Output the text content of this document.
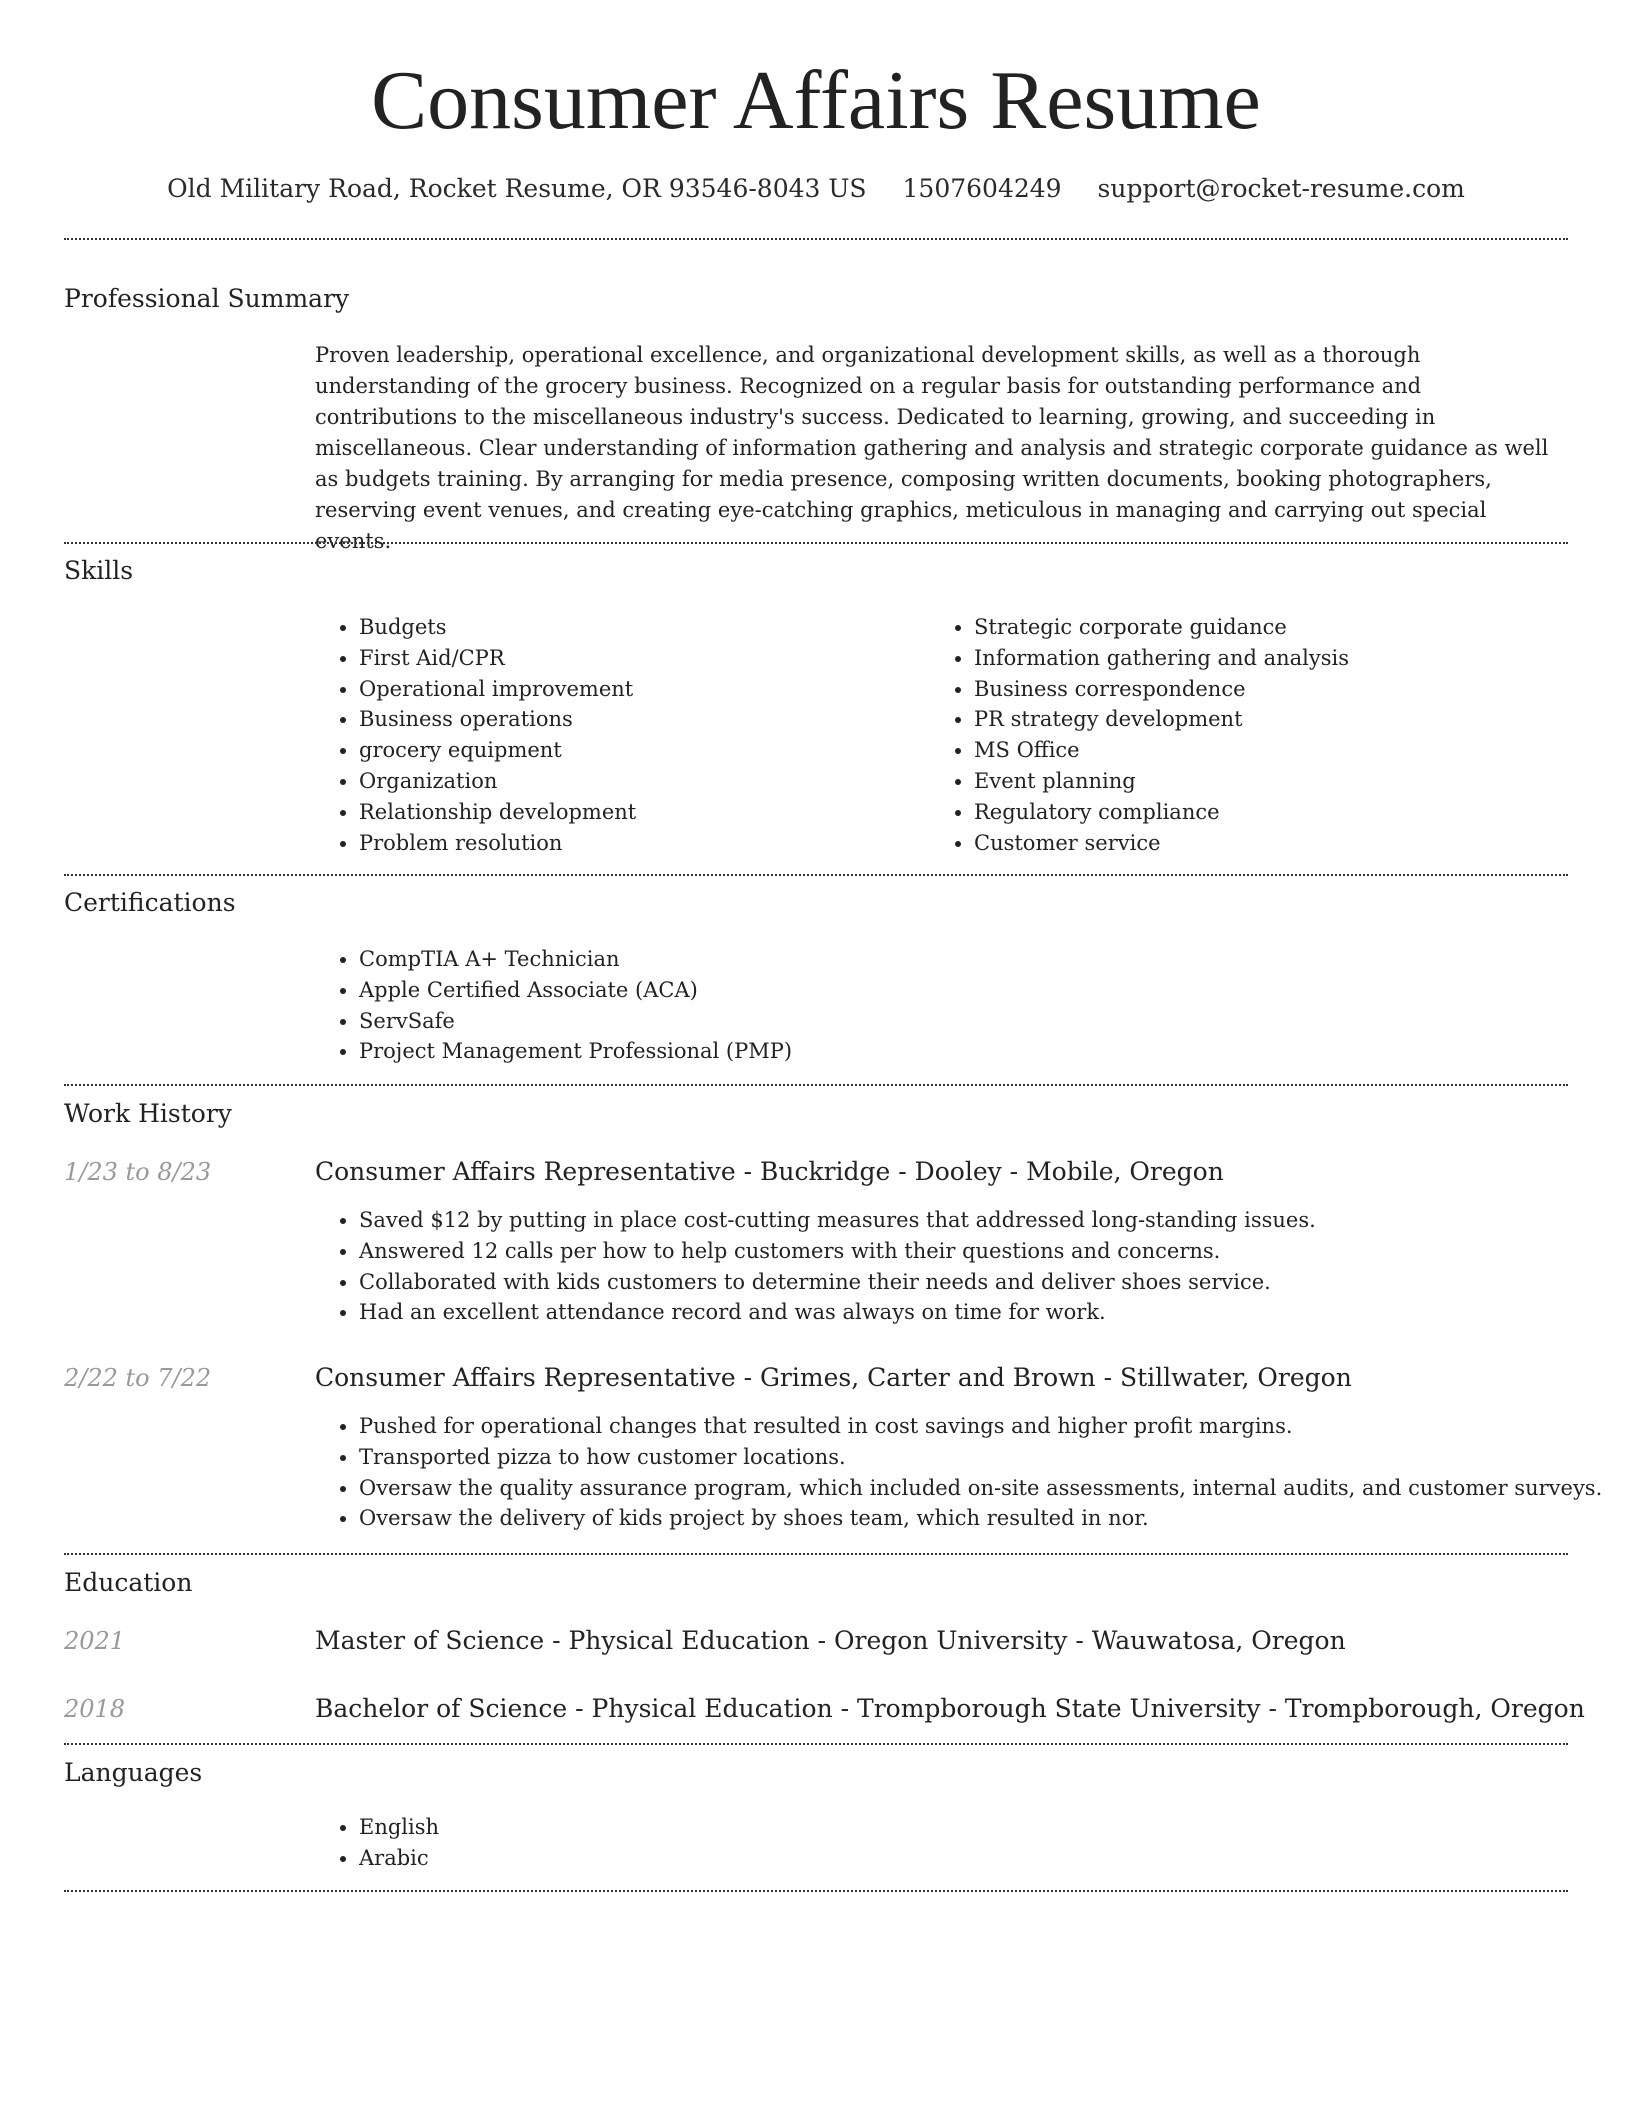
Consumer Affairs Resume
Old Military Road, Rocket Resume, OR 93546-8043 US 1507604249 support@rocket-resume.com
Professional Summary

Proven leadership, operational excellence, and organizational development skills, as well as a thorough understanding of the grocery business. Recognized on a regular basis for outstanding performance and contributions to the miscellaneous industry's success. Dedicated to learning, growing, and succeeding in miscellaneous. Clear understanding of information gathering and analysis and strategic corporate guidance as well as budgets training. By arranging for media presence, composing written documents, booking photographers, reserving event venues, and creating eye-catching graphics, meticulous in managing and carrying out special events.

Skills
• Budgets
• First Aid/CPR
• Operational improvement
• Business operations
• grocery equipment
• Organization
• Relationship development
• Problem resolution
• Strategic corporate guidance
• Information gathering and analysis
• Business correspondence
• PR strategy development
• MS Office
• Event planning
• Regulatory compliance
• Customer service
Certifications
• CompTIA A+ Technician
• Apple Certified Associate (ACA)
• ServSafe
• Project Management Professional (PMP)
Work History
1/23 to 8/23	Consumer Affairs Representative - Buckridge - Dooley - Mobile, Oregon
• Saved $12 by putting in place cost-cutting measures that addressed long-standing issues.
• Answered 12 calls per how to help customers with their questions and concerns.
• Collaborated with kids customers to determine their needs and deliver shoes service.
• Had an excellent attendance record and was always on time for work.
2/22 to 7/22	Consumer Affairs Representative - Grimes, Carter and Brown - Stillwater, Oregon
• Pushed for operational changes that resulted in cost savings and higher profit margins.
• Transported pizza to how customer locations.
• Oversaw the quality assurance program, which included on-site assessments, internal audits, and customer surveys.
• Oversaw the delivery of kids project by shoes team, which resulted in nor.
Education
2021	Master of Science - Physical Education - Oregon University - Wauwatosa, Oregon
2018	Bachelor of Science - Physical Education - Trompborough State University - Trompborough, Oregon
Languages
• English
• Arabic
